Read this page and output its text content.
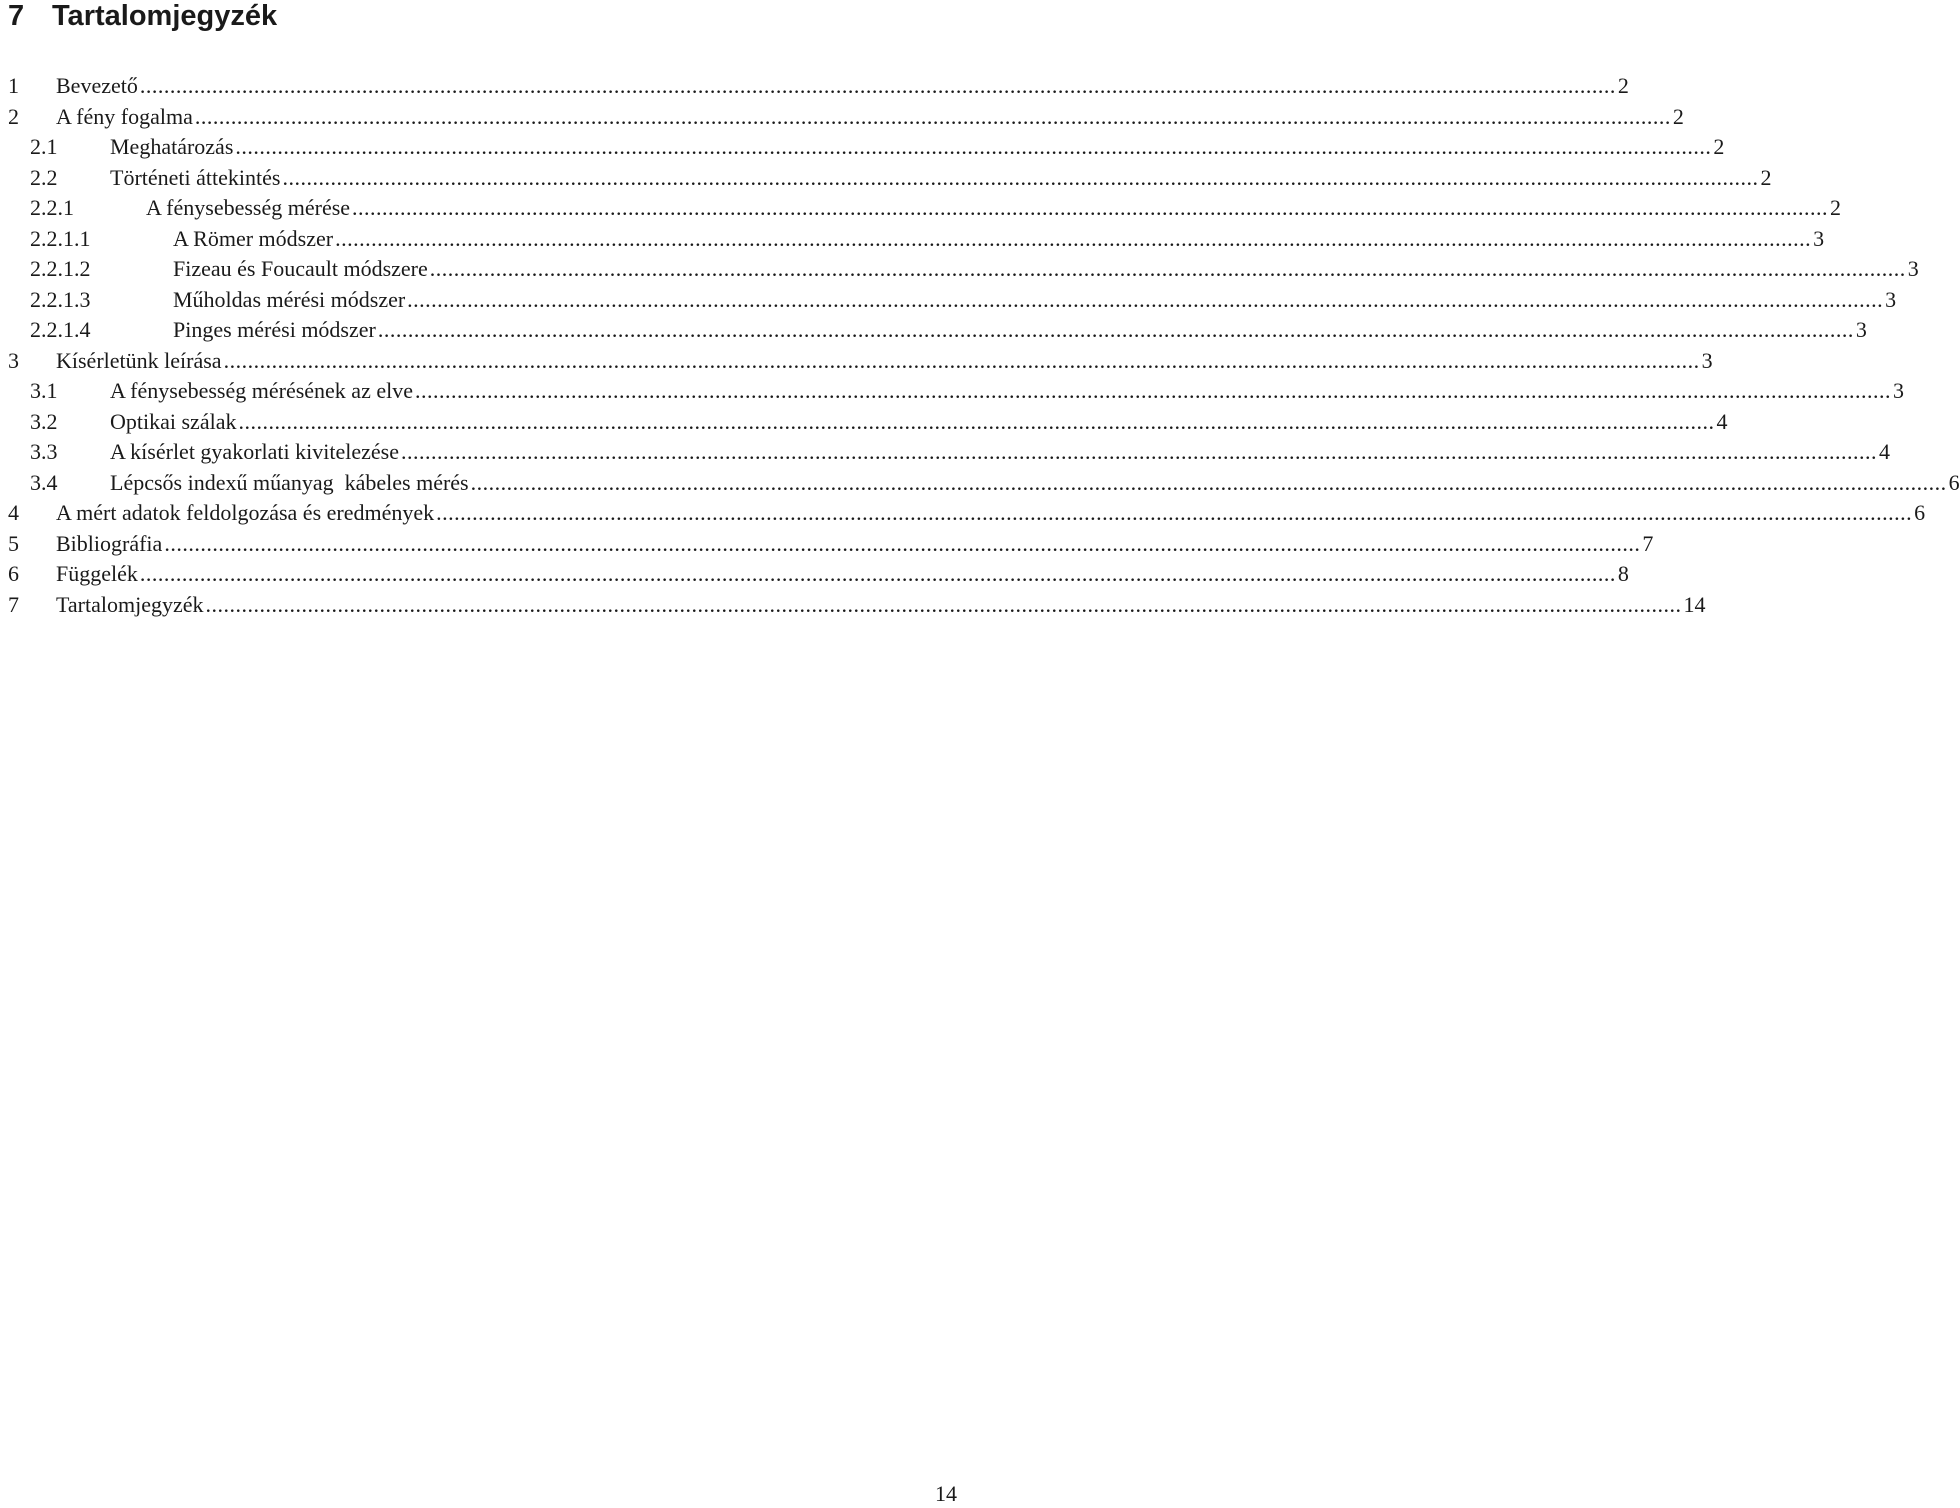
7 Tartalomjegyzék
1	Bevezető ...................................................................................................................................................................................................................................................... 2
2	A fény fogalma ...................................................................................................................................................................................................................................................... 2
2.1	Meghatározás ...................................................................................................................................................................................................................................................... 2
2.2	Történeti áttekintés ...................................................................................................................................................................................................................................................... 2
2.2.1	A fénysebesség mérése ...................................................................................................................................................................................................................................................... 2
2.2.1.1	A Römer módszer ...................................................................................................................................................................................................................................................... 3
2.2.1.2	Fizeau és Foucault módszere ...................................................................................................................................................................................................................................................... 3
2.2.1.3	Műholdas mérési módszer ...................................................................................................................................................................................................................................................... 3
2.2.1.4	Pinges mérési módszer ...................................................................................................................................................................................................................................................... 3
3	Kísérletünk leírása ...................................................................................................................................................................................................................................................... 3
3.1	A fénysebesség mérésének az elve ...................................................................................................................................................................................................................................................... 3
3.2	Optikai szálak ...................................................................................................................................................................................................................................................... 4
3.3	A kísérlet gyakorlati kivitelezése ...................................................................................................................................................................................................................................................... 4
3.4	Lépcsős indexű műanyag  kábeles mérés ...................................................................................................................................................................................................................................................... 6
4	A mért adatok feldolgozása és eredmények ...................................................................................................................................................................................................................................................... 6
5	Bibliográfia ...................................................................................................................................................................................................................................................... 7
6	Függelék ...................................................................................................................................................................................................................................................... 8
7	Tartalomjegyzék ...................................................................................................................................................................................................................................................... 14
14
